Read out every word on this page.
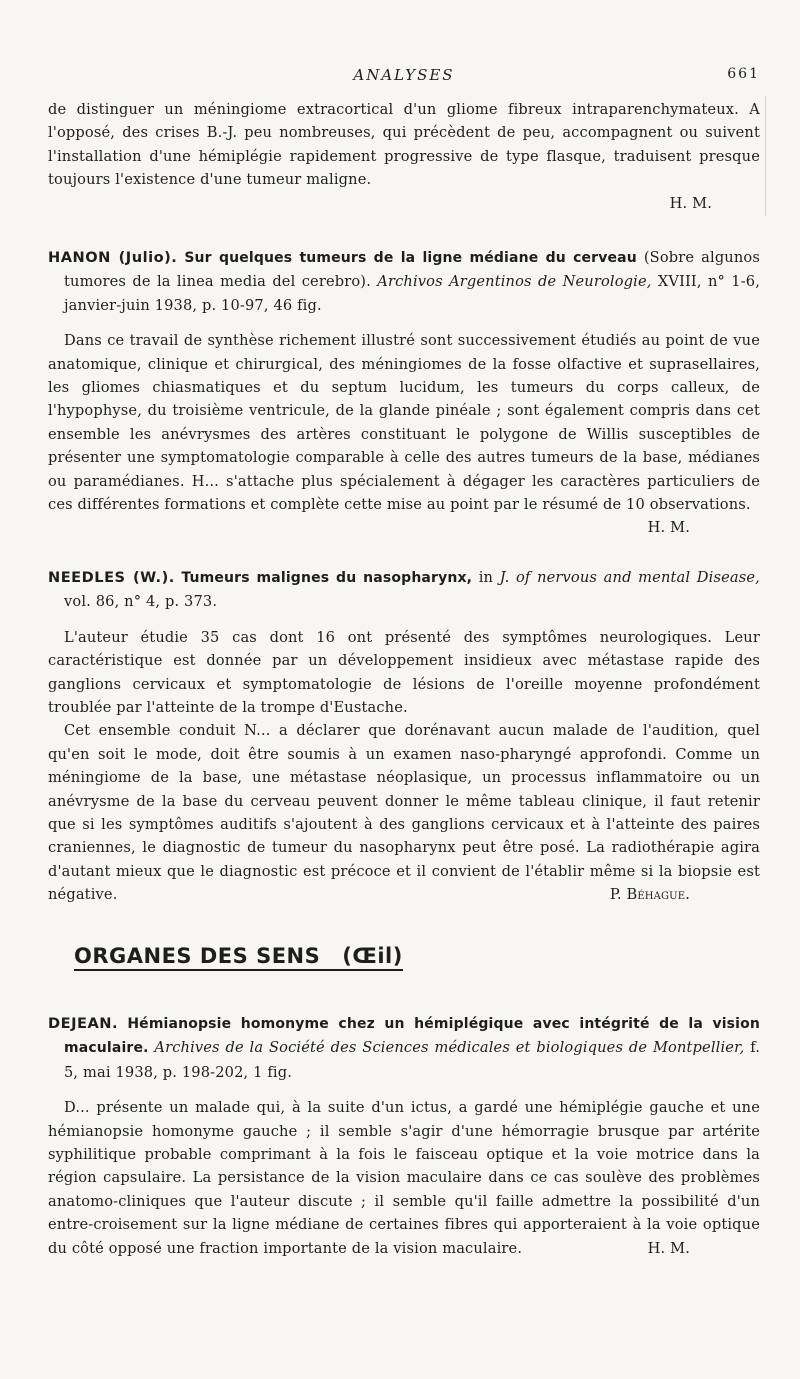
ANALYSES	661

de distinguer un méningiome extracortical d'un gliome fibreux intraparenchymateux. A l'opposé, des crises B.-J. peu nombreuses, qui précèdent de peu, accompagnent ou suivent l'installation d'une hémiplégie rapidement progressive de type flasque, traduisent presque toujours l'existence d'une tumeur maligne.

H. M.

HANON (Julio). Sur quelques tumeurs de la ligne médiane du cerveau (Sobre algunos tumores de la linea media del cerebro). Archivos Argentinos de Neurologie, XVIII, n° 1-6, janvier-juin 1938, p. 10-97, 46 fig.

Dans ce travail de synthèse richement illustré sont successivement étudiés au point de vue anatomique, clinique et chirurgical, des méningiomes de la fosse olfactive et suprasellaires, les gliomes chiasmatiques et du septum lucidum, les tumeurs du corps calleux, de l'hypophyse, du troisième ventricule, de la glande pinéale ; sont également compris dans cet ensemble les anévrysmes des artères constituant le polygone de Willis susceptibles de présenter une symptomatologie comparable à celle des autres tumeurs de la base, médianes ou paramédianes. H... s'attache plus spécialement à dégager les caractères particuliers de ces différentes formations et complète cette mise au point par le résumé de 10 observations.
H. M.

NEEDLES (W.). Tumeurs malignes du nasopharynx, in J. of nervous and mental Disease, vol. 86, n° 4, p. 373.

L'auteur étudie 35 cas dont 16 ont présenté des symptômes neurologiques. Leur caractéristique est donnée par un développement insidieux avec métastase rapide des ganglions cervicaux et symptomatologie de lésions de l'oreille moyenne profondément troublée par l'atteinte de la trompe d'Eustache.

Cet ensemble conduit N... a déclarer que dorénavant aucun malade de l'audition, quel qu'en soit le mode, doit être soumis à un examen naso-pharyngé approfondi. Comme un méningiome de la base, une métastase néoplasique, un processus inflammatoire ou un anévrysme de la base du cerveau peuvent donner le même tableau clinique, il faut retenir que si les symptômes auditifs s'ajoutent à des ganglions cervicaux et à l'atteinte des paires craniennes, le diagnostic de tumeur du nasopharynx peut être posé. La radiothérapie agira d'autant mieux que le diagnostic est précoce et il convient de l'établir même si la biopsie est négative.	P. Béhague.

ORGANES DES SENS (Œil)

DEJEAN. Hémianopsie homonyme chez un hémiplégique avec intégrité de la vision maculaire. Archives de la Société des Sciences médicales et biologiques de Montpellier, f. 5, mai 1938, p. 198-202, 1 fig.

D... présente un malade qui, à la suite d'un ictus, a gardé une hémiplégie gauche et une hémianopsie homonyme gauche ; il semble s'agir d'une hémorragie brusque par artérite syphilitique probable comprimant à la fois le faisceau optique et la voie motrice dans la région capsulaire. La persistance de la vision maculaire dans ce cas soulève des problèmes anatomo-cliniques que l'auteur discute ; il semble qu'il faille admettre la possibilité d'un entre-croisement sur la ligne médiane de certaines fibres qui apporteraient à la voie optique du côté opposé une fraction importante de la vision maculaire.	H. M.
